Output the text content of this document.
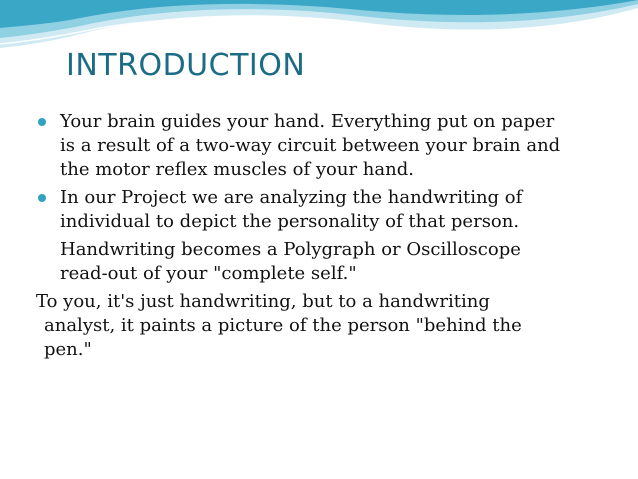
INTRODUCTION

Your brain guides your hand. Everything put on paper
is a result of a two-way circuit between your brain and
the motor reflex muscles of your hand.

In our Project we are analyzing the handwriting of
individual to depict the personality of that person.

Handwriting becomes a Polygraph or Oscilloscope
read-out of your "complete self."

To you, it's just handwriting, but to a handwriting
analyst, it paints a picture of the person "behind the
pen."
